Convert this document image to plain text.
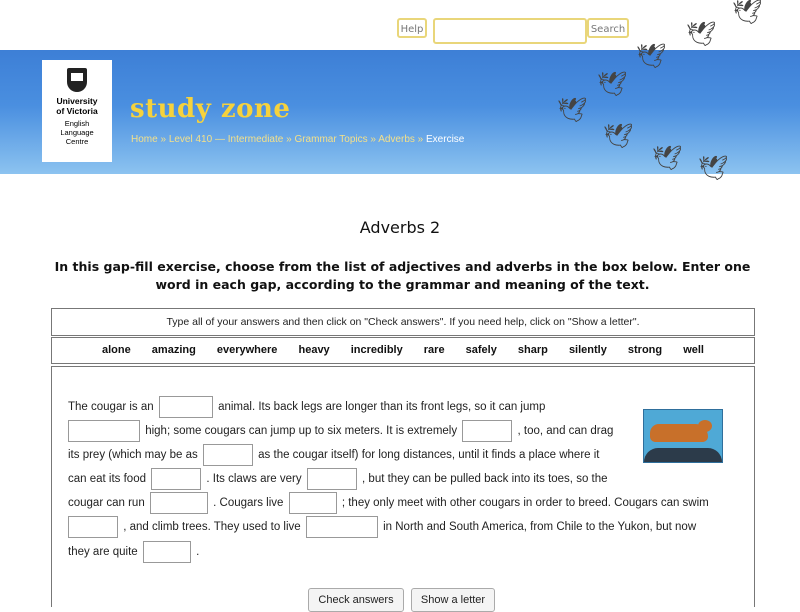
Help	Search
🕊
🕊
University
of Victoria
English
Language
Centre
study zone
Home » Level 410 — Intermediate » Grammar Topics » Adverbs » Exercise
🕊
🕊
🕊
🕊
🕊 🕊
Adverbs 2
In this gap-fill exercise, choose from the list of adjectives and adverbs in the box below. Enter one word in each gap, according to the grammar and meaning of the text.
Type all of your answers and then click on "Check answers". If you need help, click on "Show a letter".
alone amazing everywhere heavy incredibly rare safely sharp silently strong well
The cougar is an	animal. Its back legs are longer than its front legs, so it can jump
high; some cougars can jump up to six meters. It is extremely	, too, and can drag
its prey (which may be as	as the cougar itself) for long distances, until it finds a place where it
can eat its food	. Its claws are very	, but they can be pulled back into its toes, so the
cougar can run	. Cougars live	; they only meet with other cougars in order to breed. Cougars can swim
, and climb trees. They used to live	in North and South America, from Chile to the Yukon, but now
they are quite	.
Check answers	Show a letter
